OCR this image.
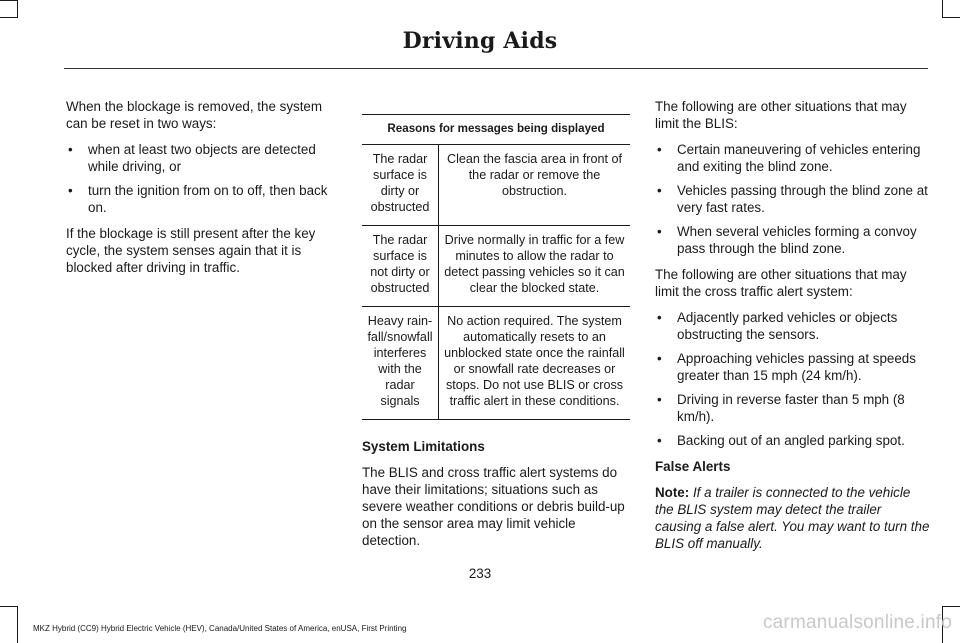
Driving Aids

When the blockage is removed, the system can be reset in two ways:

• when at least two objects are detected while driving, or
• turn the ignition from on to off, then back on.

If the blockage is still present after the key cycle, the system senses again that it is blocked after driving in traffic.

Reasons for messages being displayed	
The radar surface is dirty or obstructed	Clean the fascia area in front of the radar or remove the obstruction.
The radar surface is not dirty or obstructed	Drive normally in traffic for a few minutes to allow the radar to detect passing vehicles so it can clear the blocked state.
Heavy rain-fall/snowfall interferes with the radar signals	No action required. The system automatically resets to an unblocked state once the rainfall or snowfall rate decreases or stops. Do not use BLIS or cross traffic alert in these conditions.

System Limitations

The BLIS and cross traffic alert systems do have their limitations; situations such as severe weather conditions or debris build-up on the sensor area may limit vehicle detection.

The following are other situations that may limit the BLIS:

• Certain maneuvering of vehicles entering and exiting the blind zone.
• Vehicles passing through the blind zone at very fast rates.
• When several vehicles forming a convoy pass through the blind zone.

The following are other situations that may limit the cross traffic alert system:

• Adjacently parked vehicles or objects obstructing the sensors.
• Approaching vehicles passing at speeds greater than 15 mph (24 km/h).
• Driving in reverse faster than 5 mph (8 km/h).
• Backing out of an angled parking spot.

False Alerts

Note: If a trailer is connected to the vehicle the BLIS system may detect the trailer causing a false alert. You may want to turn the BLIS off manually.

233
MKZ Hybrid (CC9) Hybrid Electric Vehicle (HEV), Canada/United States of America, enUSA, First Printing	carmanualsonline.info
